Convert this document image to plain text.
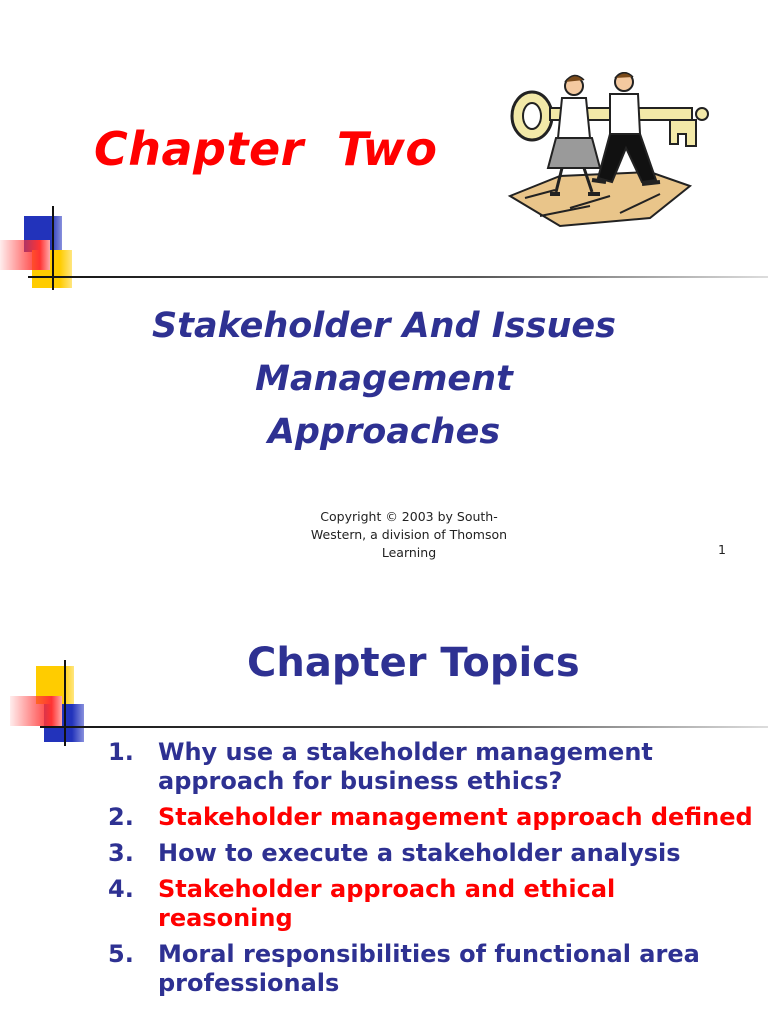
Chapter  Two
Stakeholder And Issues
Management
Approaches
Copyright © 2003 by South-
Western, a division of Thomson
Learning	1
Chapter Topics
1.	Why use a stakeholder management approach for business ethics?
2.	Stakeholder management approach defined
3.	How to execute a stakeholder analysis
4.	Stakeholder approach and ethical reasoning
5.	Moral responsibilities of functional area professionals
